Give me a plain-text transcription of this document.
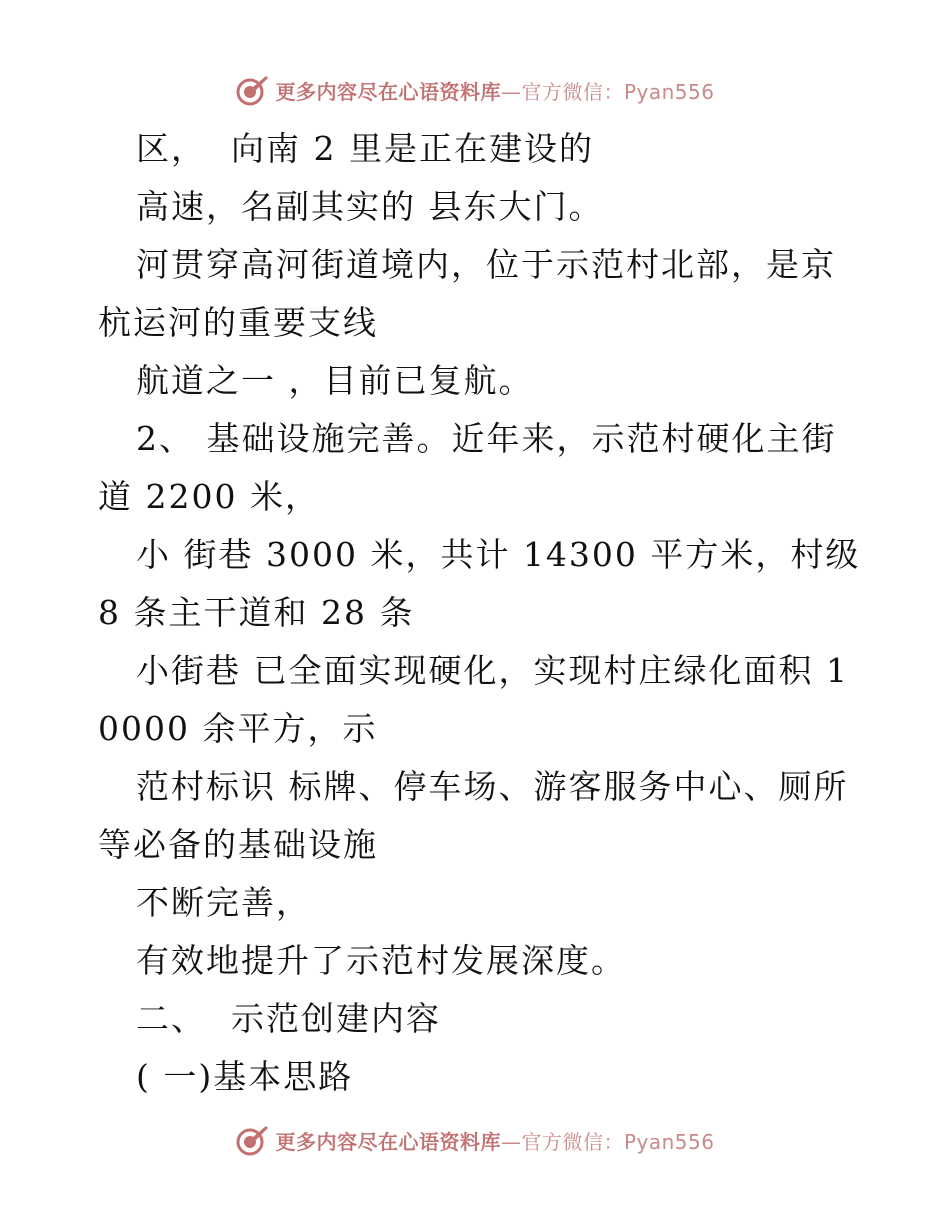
更多内容尽在心语资料库—官方微信：Pyan556

区，  向南 2 里是正在建设的

高速，名副其实的 县东大门。

河贯穿高河街道境内，位于示范村北部，是京杭运河的重要支线

航道之一 ，目前已复航。

2、 基础设施完善。近年来，示范村硬化主街道 2200 米，

小 街巷 3000 米，共计 14300 平方米，村级 8 条主干道和 28 条

小街巷 已全面实现硬化，实现村庄绿化面积 10000 余平方，示

范村标识 标牌、停车场、游客服务中心、厕所等必备的基础设施

不断完善，

有效地提升了示范村发展深度。

二、  示范创建内容

( 一)基本思路

更多内容尽在心语资料库—官方微信：Pyan556
